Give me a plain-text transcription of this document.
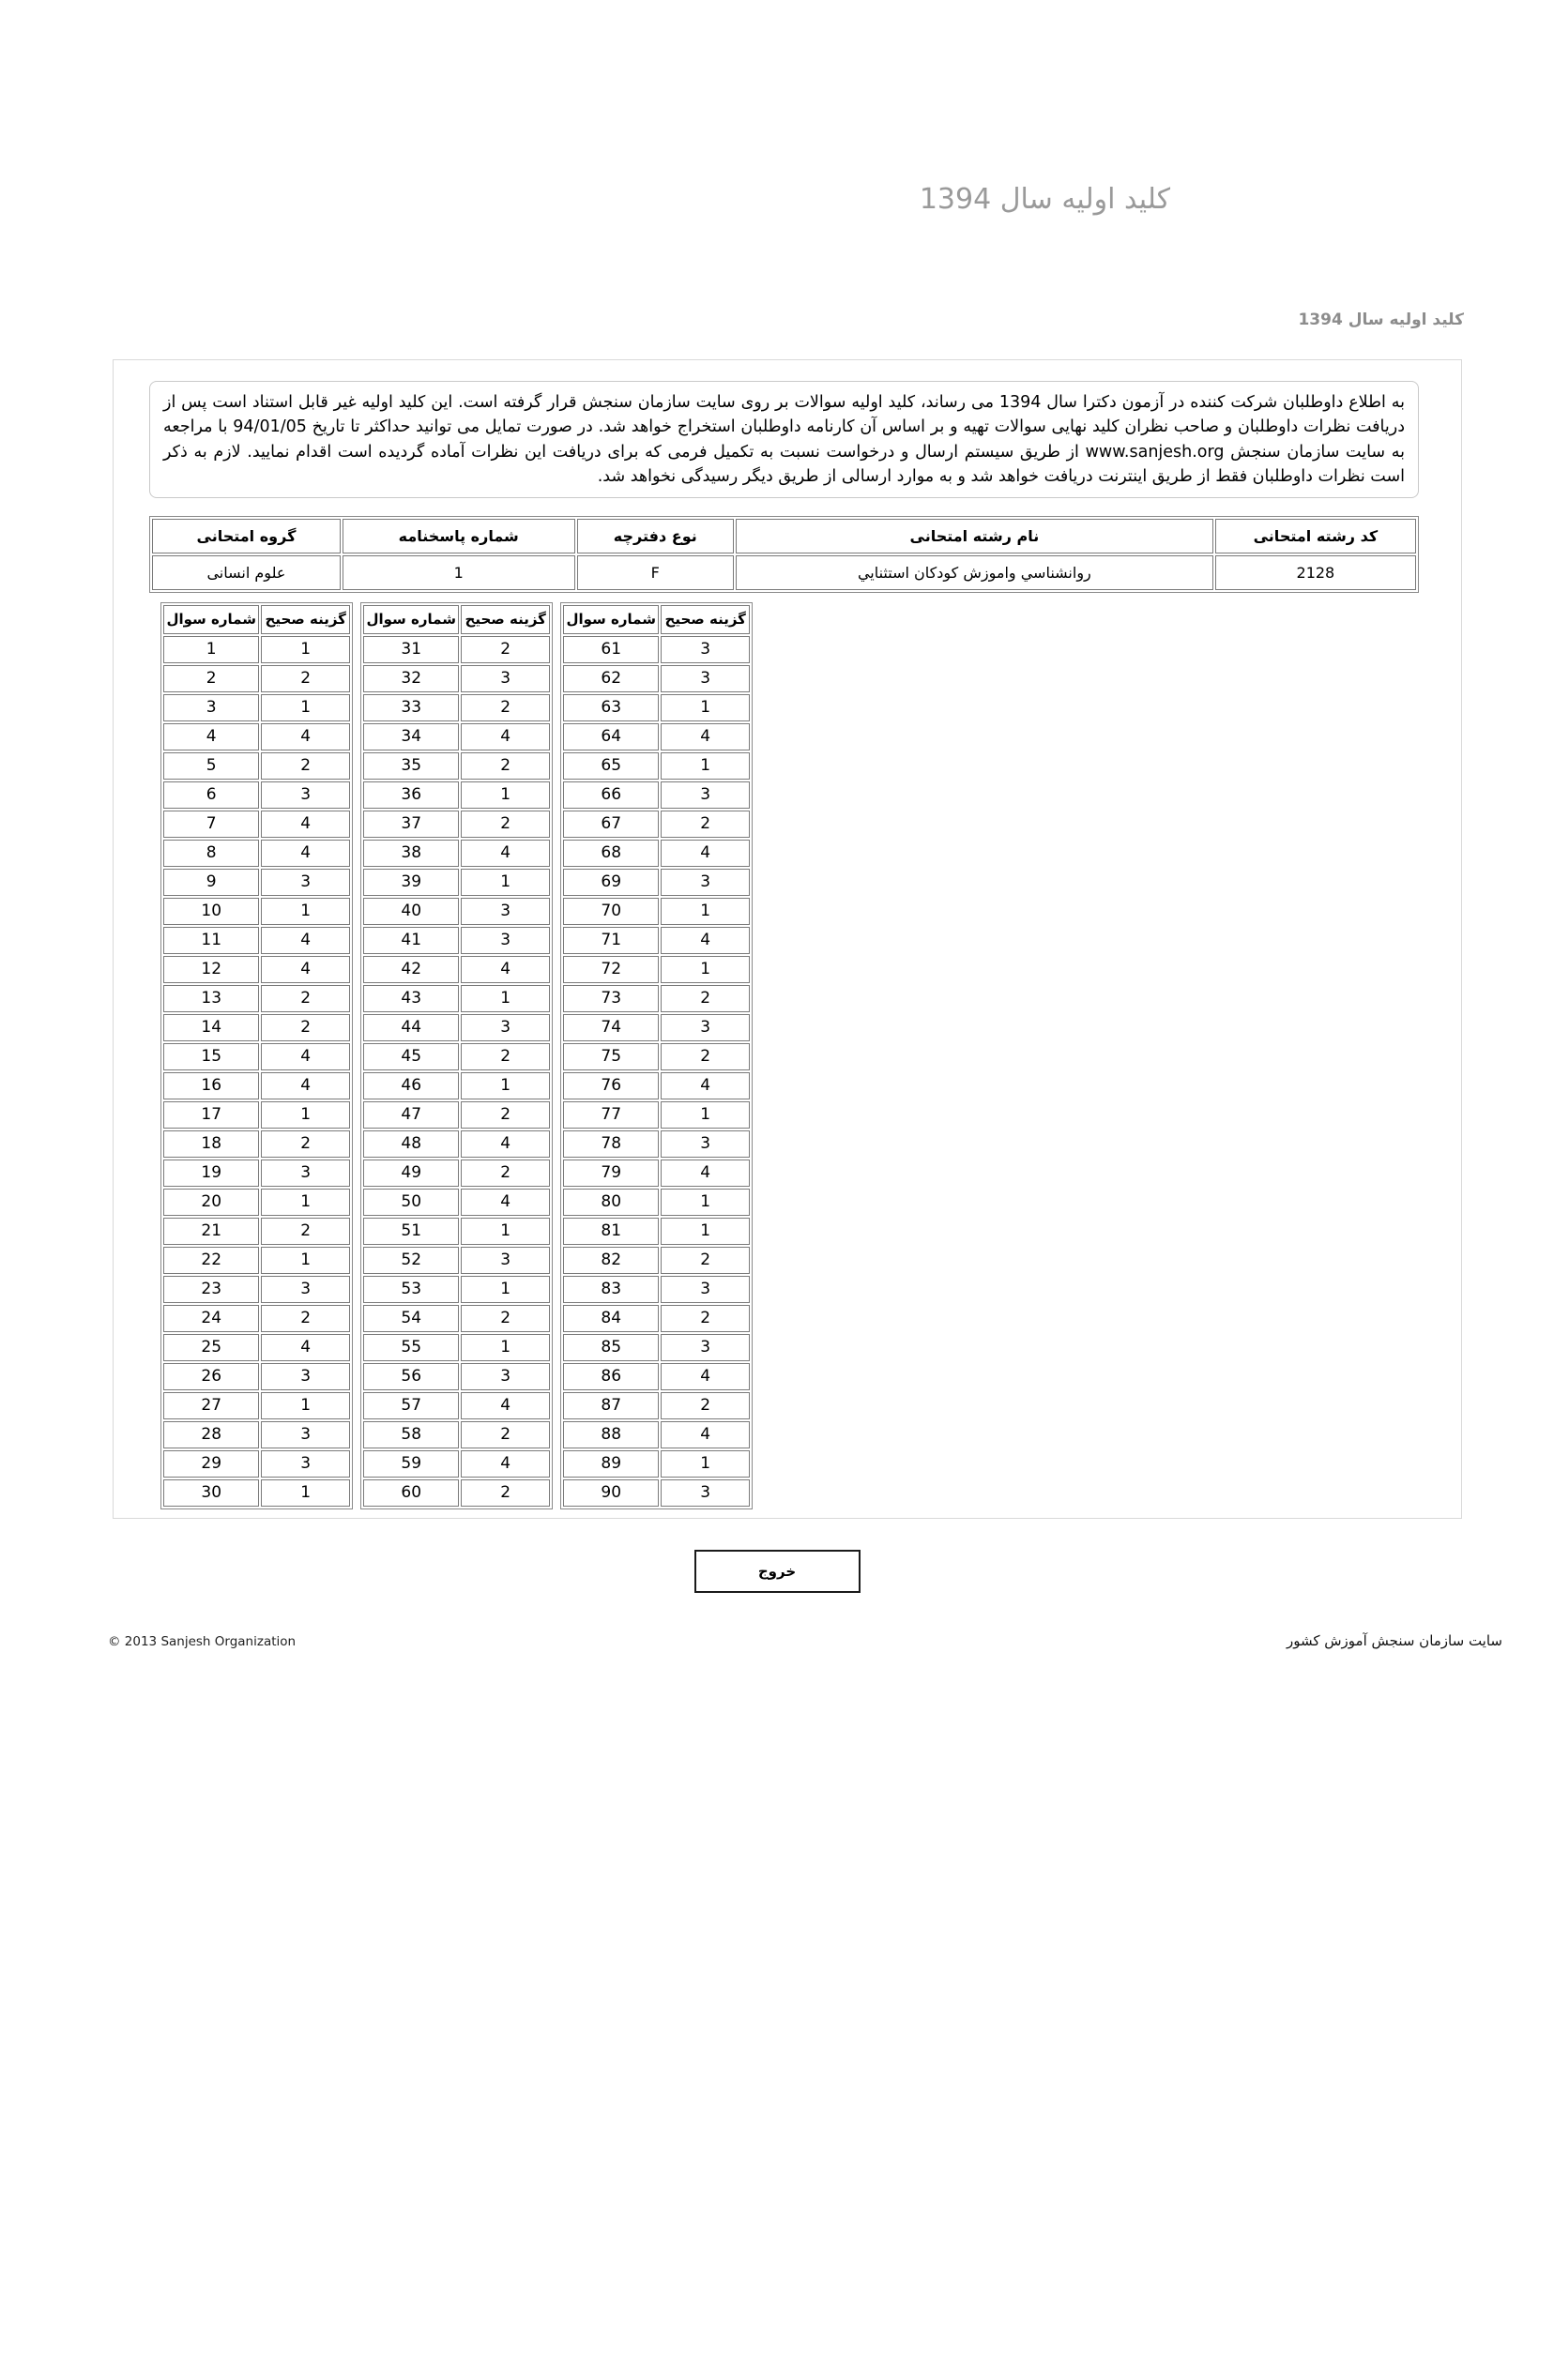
کلید اولیه سال 1394
کلید اولیه سال 1394
به اطلاع داوطلبان شرکت کننده در آزمون دکترا سال 1394 می رساند، کلید اولیه سوالات بر روی سایت سازمان سنجش قرار گرفته است. این کلید اولیه غیر قابل استناد است پس از دریافت نظرات داوطلبان و صاحب نظران کلید نهایی سوالات تهیه و بر اساس آن کارنامه داوطلبان استخراج خواهد شد. در صورت تمایل می توانید حداکثر تا تاریخ 94/01/05 با مراجعه به سایت سازمان سنجش www.sanjesh.org از طریق سیستم ارسال و درخواست نسبت به تکمیل فرمی که برای دریافت این نظرات آماده گردیده است اقدام نمایید. لازم به ذکر است نظرات داوطلبان فقط از طریق اینترنت دریافت خواهد شد و به موارد ارسالی از طریق دیگر رسیدگی نخواهد شد.
کد رشته امتحانی	نام رشته امتحانی	نوع دفترچه	شماره پاسخنامه	گروه امتحانی
2128	روانشناسي واموزش كودكان استثنايي	F	1	علوم انسانی
شماره سوال	گزینه صحیح
1	1
2	2
3	1
4	4
5	2
6	3
7	4
8	4
9	3
10	1
11	4
12	4
13	2
14	2
15	4
16	4
17	1
18	2
19	3
20	1
21	2
22	1
23	3
24	2
25	4
26	3
27	1
28	3
29	3
30	1
شماره سوال	گزینه صحیح
31	2
32	3
33	2
34	4
35	2
36	1
37	2
38	4
39	1
40	3
41	3
42	4
43	1
44	3
45	2
46	1
47	2
48	4
49	2
50	4
51	1
52	3
53	1
54	2
55	1
56	3
57	4
58	2
59	4
60	2
شماره سوال	گزینه صحیح
61	3
62	3
63	1
64	4
65	1
66	3
67	2
68	4
69	3
70	1
71	4
72	1
73	2
74	3
75	2
76	4
77	1
78	3
79	4
80	1
81	1
82	2
83	3
84	2
85	3
86	4
87	2
88	4
89	1
90	3
خروج
© 2013 Sanjesh Organization	سایت سازمان سنجش آموزش کشور
